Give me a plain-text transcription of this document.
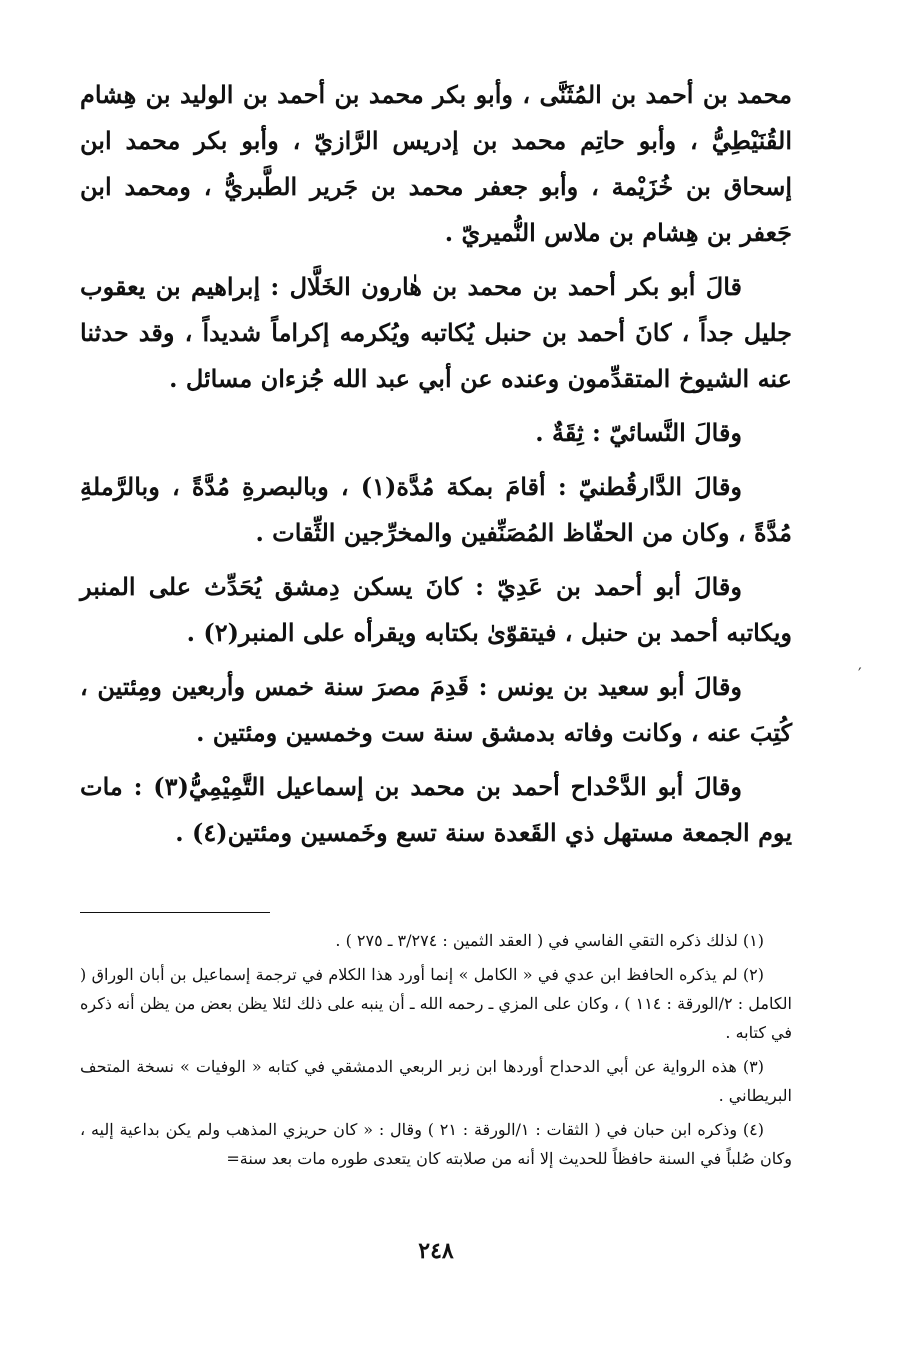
محمد بن أحمد بن المُثَنَّى ، وأبو بكر محمد بن أحمد بن الوليد بن هِشام القُنَيْطِيُّ ، وأبو حاتِم محمد بن إدريس الرَّازيّ ، وأبو بكر محمد ابن إسحاق بن خُزَيْمة ، وأبو جعفر محمد بن جَرير الطَّبريُّ ، ومحمد ابن جَعفر بن هِشام بن ملاس النُّميريّ .

قالَ أبو بكر أحمد بن محمد بن هٰارون الخَلَّال : إبراهيم بن يعقوب جليل جداً ، كانَ أحمد بن حنبل يُكاتبه ويُكرمه إكراماً شديداً ، وقد حدثنا عنه الشيوخ المتقدِّمون وعنده عن أبي عبد الله جُزءان مسائل .

وقالَ النَّسائيّ : ثِقَةٌ .

وقالَ الدَّارقُطنيّ : أقامَ بمكة مُدَّة(١) ، وبالبصرةِ مُدَّةً ، وبالرَّملةِ مُدَّةً ، وكان من الحفّاظ المُصَنِّفين والمخرِّجين الثِّقات .

وقالَ أبو أحمد بن عَدِيّ : كانَ يسكن دِمشق يُحَدِّث على المنبر ويكاتبه أحمد بن حنبل ، فيتقوّىٰ بكتابه ويقرأه على المنبر(٢) .

وقالَ أبو سعيد بن يونس : قَدِمَ مصرَ سنة خمس وأربعين ومِئتين ، كُتِبَ عنه ، وكانت وفاته بدمشق سنة ست وخمسين ومئتين .

وقالَ أبو الدَّحْداح أحمد بن محمد بن إسماعيل التَّمِيْمِيُّ(٣) : مات يوم الجمعة مستهل ذي القَعدة سنة تسع وخَمسين ومئتين(٤) .

(١) لذلك ذكره التقي الفاسي في ( العقد الثمين : ٣/٢٧٤ ـ ٢٧٥ ) .

(٢) لم يذكره الحافظ ابن عدي في « الكامل » إنما أورد هذا الكلام في ترجمة إسماعيل بن أبان الوراق ( الكامل : ٢/الورقة : ١١٤ ) ، وكان على المزي ـ رحمه الله ـ أن ينبه على ذلك لئلا يظن بعض من يظن أنه ذكره في كتابه .

(٣) هذه الرواية عن أبي الدحداح أوردها ابن زبر الربعي الدمشقي في كتابه « الوفيات » نسخة المتحف البريطاني .

(٤) وذكره ابن حبان في ( الثقات : ١/الورقة : ٢١ ) وقال : « كان حريزي المذهب ولم يكن بداعية إليه ، وكان صُلباً في السنة حافظاً للحديث إلا أنه من صلابته كان يتعدى طوره مات بعد سنة=

٢٤٨
′
